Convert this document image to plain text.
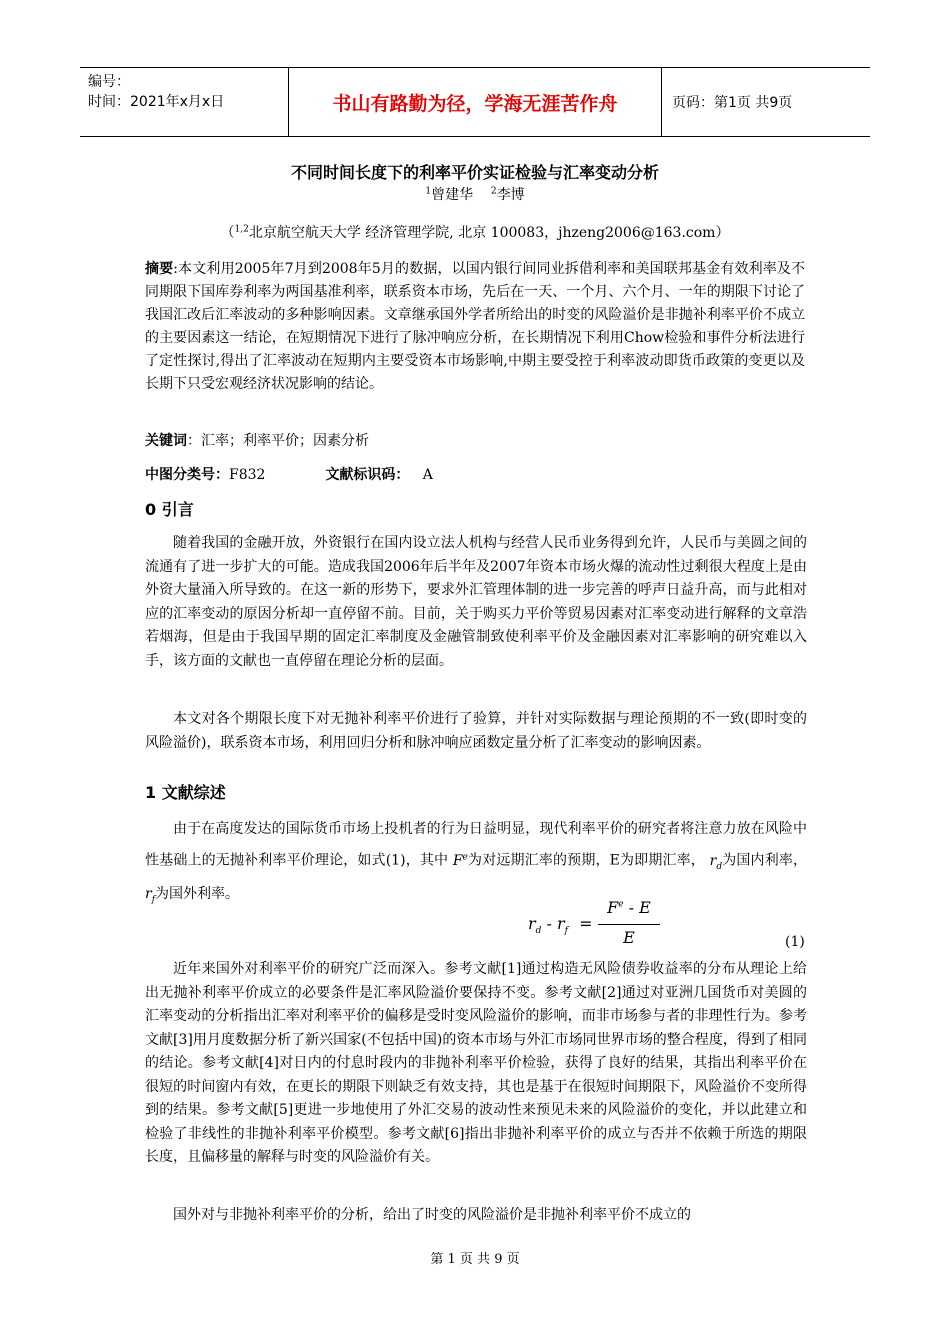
编号：
时间：2021年x月x日	书山有路勤为径，学海无涯苦作舟	页码：第1页 共9页
不同时间长度下的利率平价实证检验与汇率变动分析
$^1$曾建华 $^2$李博
（$^{1,2}$北京航空航天大学 经济管理学院, 北京 100083，jhzeng2006@163.com）
摘要:本文利用2005年7月到2008年5月的数据，以国内银行间同业拆借利率和美国联邦基金有效利率及不同期限下国库券利率为两国基准利率，联系资本市场，先后在一天、一个月、六个月、一年的期限下讨论了我国汇改后汇率波动的多种影响因素。文章继承国外学者所给出的时变的风险溢价是非抛补利率平价不成立的主要因素这一结论，在短期情况下进行了脉冲响应分析，在长期情况下利用Chow检验和事件分析法进行了定性探讨,得出了汇率波动在短期内主要受资本市场影响,中期主要受控于利率波动即货币政策的变更以及长期下只受宏观经济状况影响的结论。
关键词：汇率；利率平价；因素分析
中图分类号：F832	文献标识码： A
0 引言
随着我国的金融开放，外资银行在国内设立法人机构与经营人民币业务得到允许，人民币与美圆之间的流通有了进一步扩大的可能。造成我国2006年后半年及2007年资本市场火爆的流动性过剩很大程度上是由外资大量涌入所导致的。在这一新的形势下，要求外汇管理体制的进一步完善的呼声日益升高，而与此相对应的汇率变动的原因分析却一直停留不前。目前，关于购买力平价等贸易因素对汇率变动进行解释的文章浩若烟海，但是由于我国早期的固定汇率制度及金融管制致使利率平价及金融因素对汇率影响的研究难以入手，该方面的文献也一直停留在理论分析的层面。
本文对各个期限长度下对无抛补利率平价进行了验算，并针对实际数据与理论预期的不一致(即时变的风险溢价)，联系资本市场，利用回归分析和脉冲响应函数定量分析了汇率变动的影响因素。
1 文献综述
由于在高度发达的国际货币市场上投机者的行为日益明显，现代利率平价的研究者将注意力放在风险中性基础上的无抛补利率平价理论，如式(1)，其中 $F^e$为对远期汇率的预期，E为即期汇率， $r_d$为国内利率， $r_f$为国外利率。
$r_d - r_f$ =
$F^e$ - E
E	(1)
近年来国外对利率平价的研究广泛而深入。参考文献[1]通过构造无风险债券收益率的分布从理论上给出无抛补利率平价成立的必要条件是汇率风险溢价要保持不变。参考文献[2]通过对亚洲几国货币对美圆的汇率变动的分析指出汇率对利率平价的偏移是受时变风险溢价的影响，而非市场参与者的非理性行为。参考文献[3]用月度数据分析了新兴国家(不包括中国)的资本市场与外汇市场同世界市场的整合程度，得到了相同的结论。参考文献[4]对日内的付息时段内的非抛补利率平价检验，获得了良好的结果，其指出利率平价在很短的时间窗内有效，在更长的期限下则缺乏有效支持，其也是基于在很短时间期限下，风险溢价不变所得到的结果。参考文献[5]更进一步地使用了外汇交易的波动性来预见未来的风险溢价的变化，并以此建立和检验了非线性的非抛补利率平价模型。参考文献[6]指出非抛补利率平价的成立与否并不依赖于所选的期限长度，且偏移量的解释与时变的风险溢价有关。
国外对与非抛补利率平价的分析，给出了时变的风险溢价是非抛补利率平价不成立的
第 1 页 共 9 页
